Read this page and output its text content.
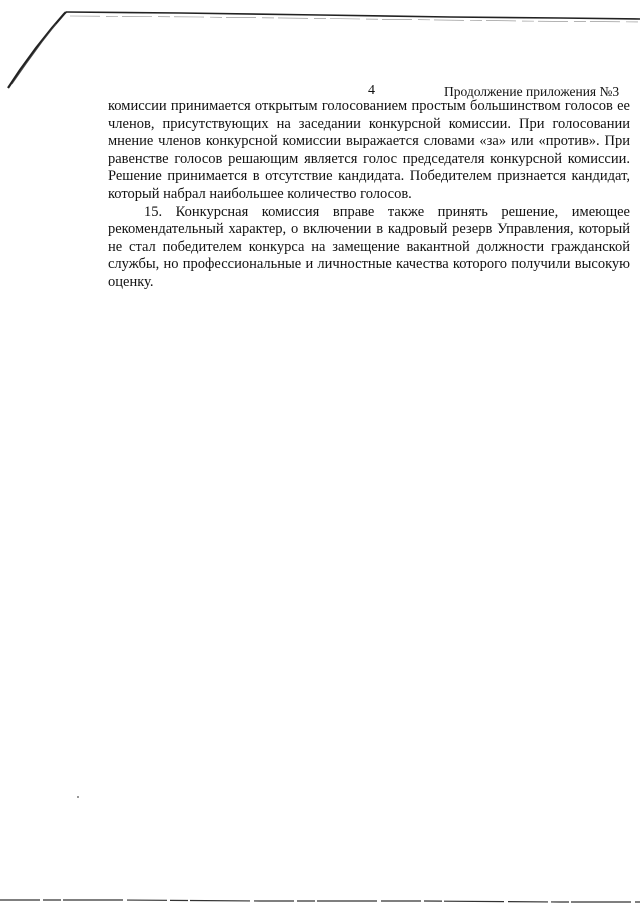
4	Продолжение приложения №3

комиссии принимается открытым голосованием простым большинством голосов ее членов, присутствующих на заседании конкурсной комиссии. При голосовании мнение членов конкурсной комиссии выражается словами «за» или «против». При равенстве голосов решающим является голос председателя конкурсной комиссии. Решение принимается в отсутствие кандидата. Победителем признается кандидат, который набрал наибольшее количество голосов.

15. Конкурсная комиссия вправе также принять решение, имеющее рекомендательный характер, о включении в кадровый резерв Управления, который не стал победителем конкурса на замещение вакантной должности гражданской службы, но профессиональные и личностные качества которого получили высокую оценку.
